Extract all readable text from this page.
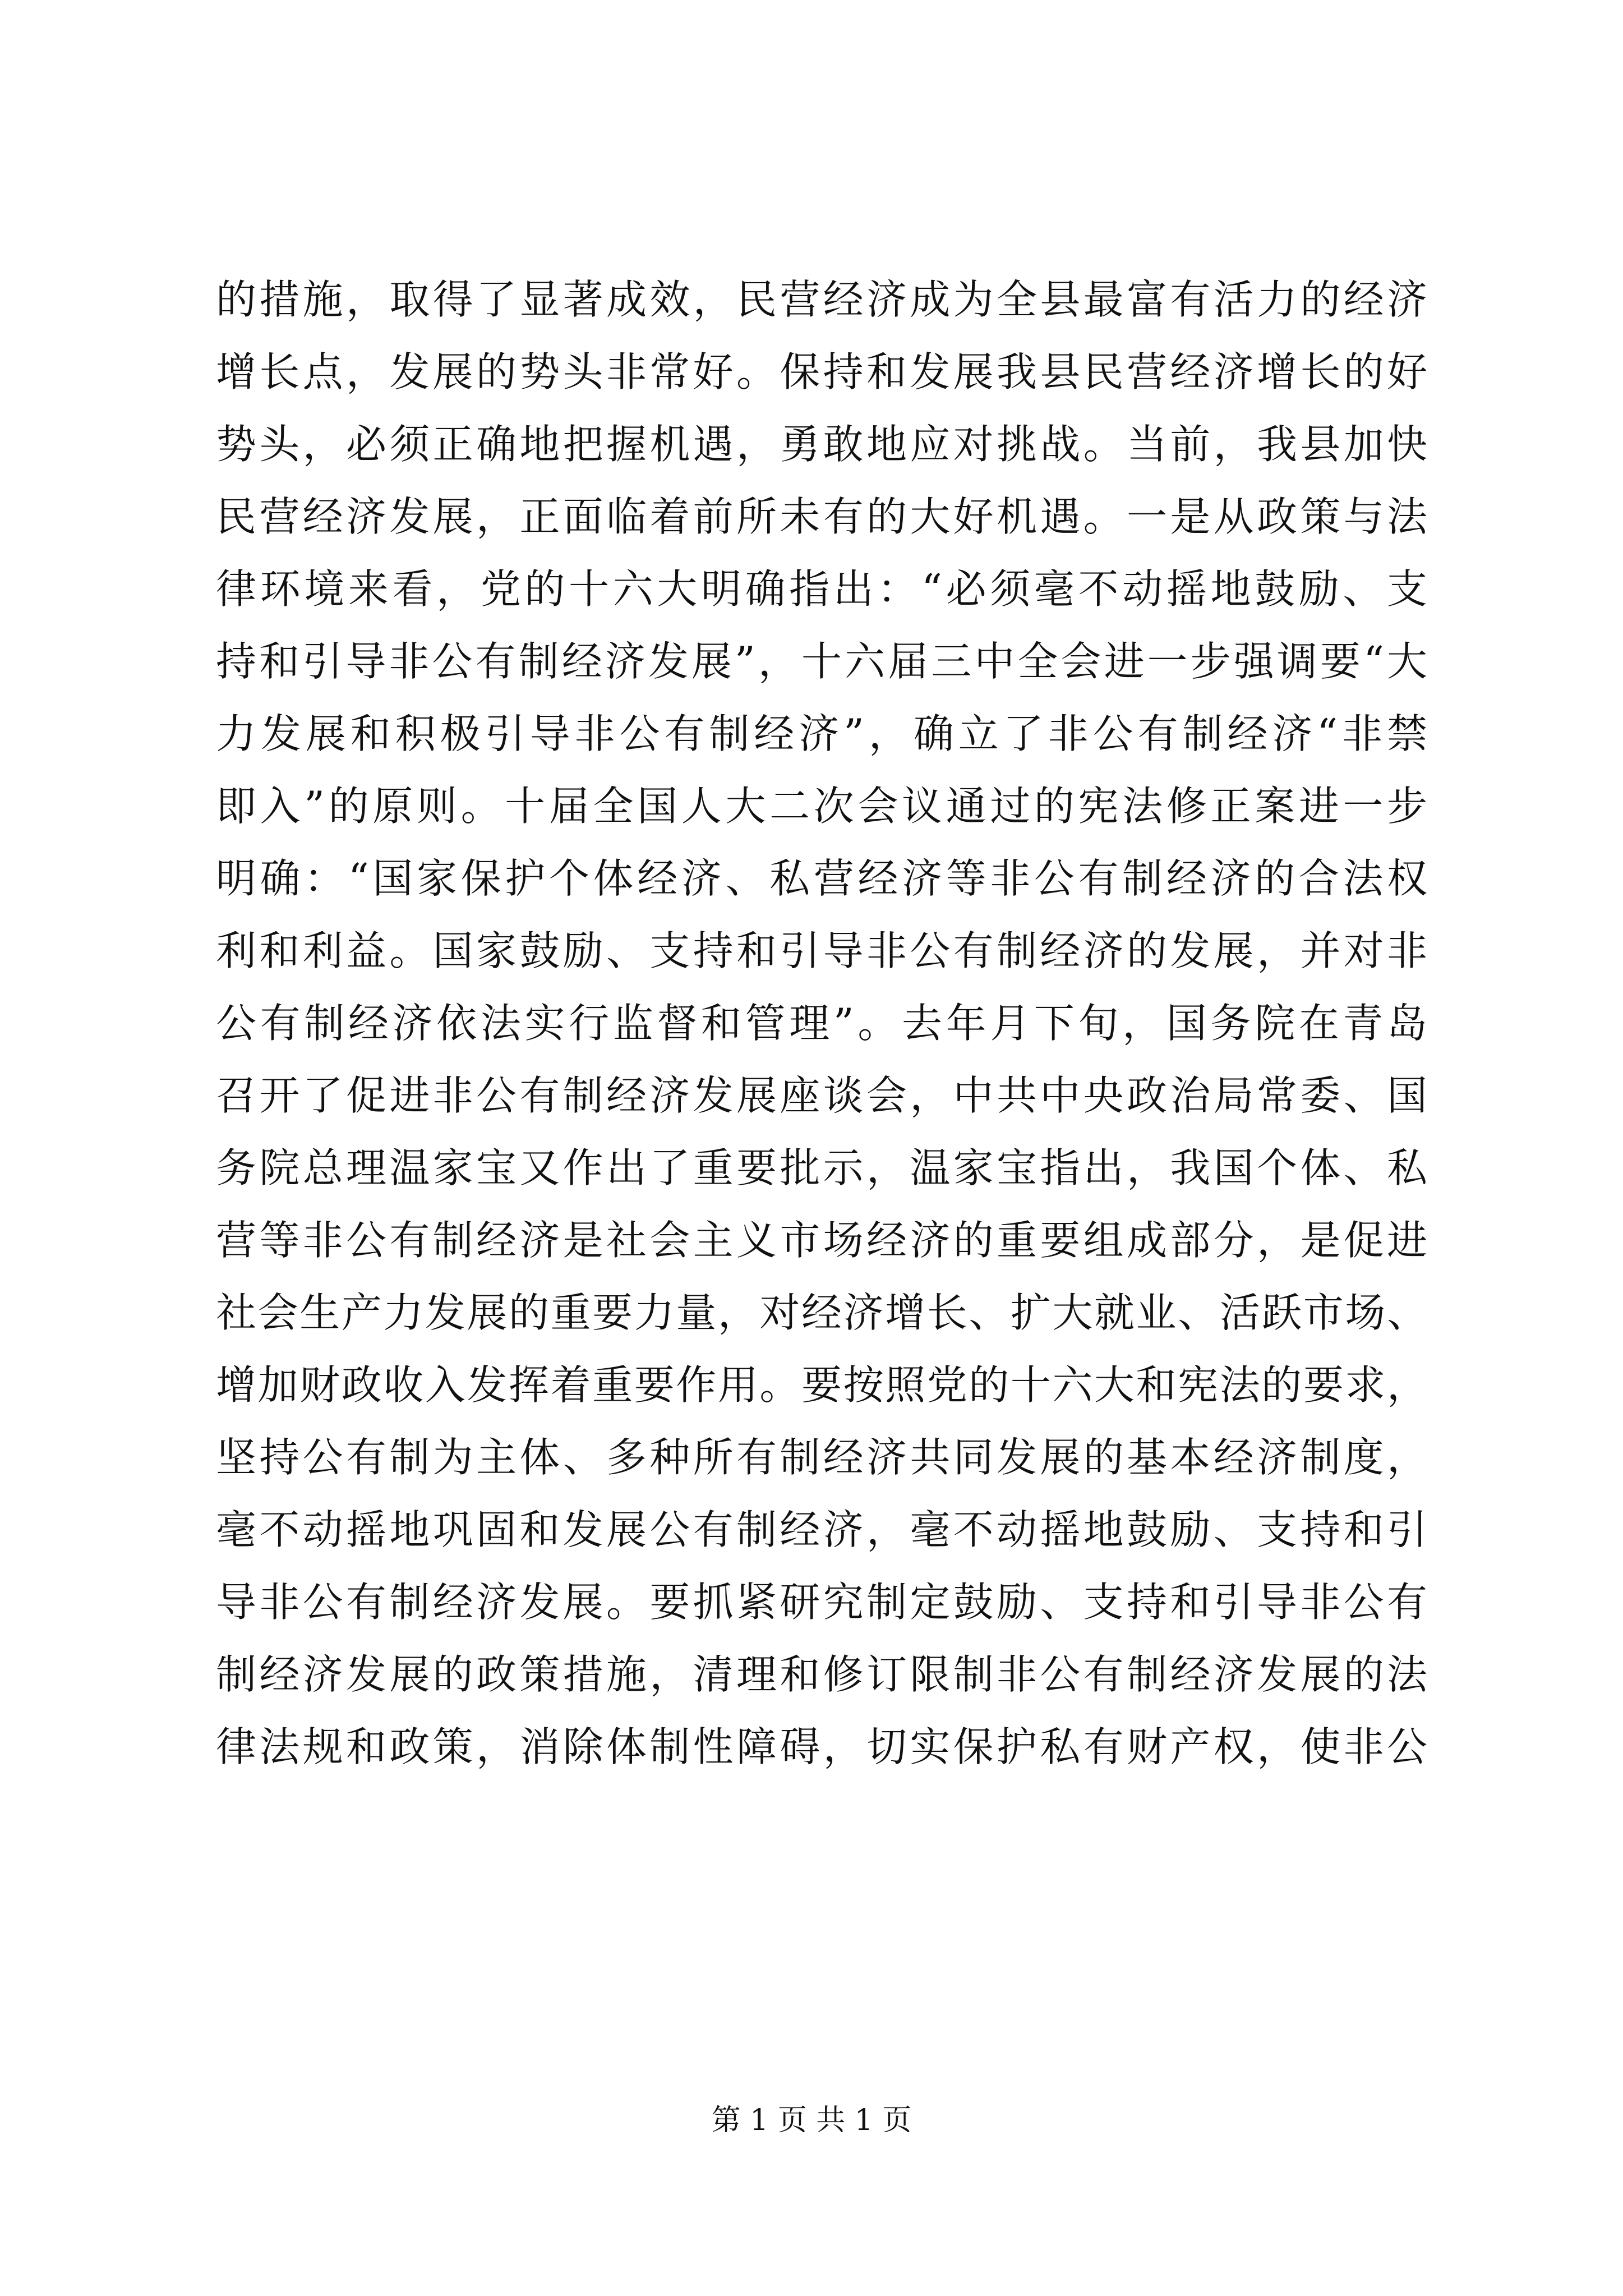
的措施，取得了显著成效，民营经济成为全县最富有活力的经济
增长点，发展的势头非常好。保持和发展我县民营经济增长的好
势头，必须正确地把握机遇，勇敢地应对挑战。当前，我县加快
民营经济发展，正面临着前所未有的大好机遇。一是从政策与法
律环境来看，党的十六大明确指出：“必须毫不动摇地鼓励、支
持和引导非公有制经济发展”，十六届三中全会进一步强调要“大
力发展和积极引导非公有制经济”，确立了非公有制经济“非禁
即入”的原则。十届全国人大二次会议通过的宪法修正案进一步
明确：“国家保护个体经济、私营经济等非公有制经济的合法权
利和利益。国家鼓励、支持和引导非公有制经济的发展，并对非
公有制经济依法实行监督和管理”。去年月下旬，国务院在青岛
召开了促进非公有制经济发展座谈会，中共中央政治局常委、国
务院总理温家宝又作出了重要批示，温家宝指出，我国个体、私
营等非公有制经济是社会主义市场经济的重要组成部分，是促进
社会生产力发展的重要力量，对经济增长、扩大就业、活跃市场、
增加财政收入发挥着重要作用。要按照党的十六大和宪法的要求，
坚持公有制为主体、多种所有制经济共同发展的基本经济制度，
毫不动摇地巩固和发展公有制经济，毫不动摇地鼓励、支持和引
导非公有制经济发展。要抓紧研究制定鼓励、支持和引导非公有
制经济发展的政策措施，清理和修订限制非公有制经济发展的法
律法规和政策，消除体制性障碍，切实保护私有财产权，使非公
第 1 页 共 1 页
